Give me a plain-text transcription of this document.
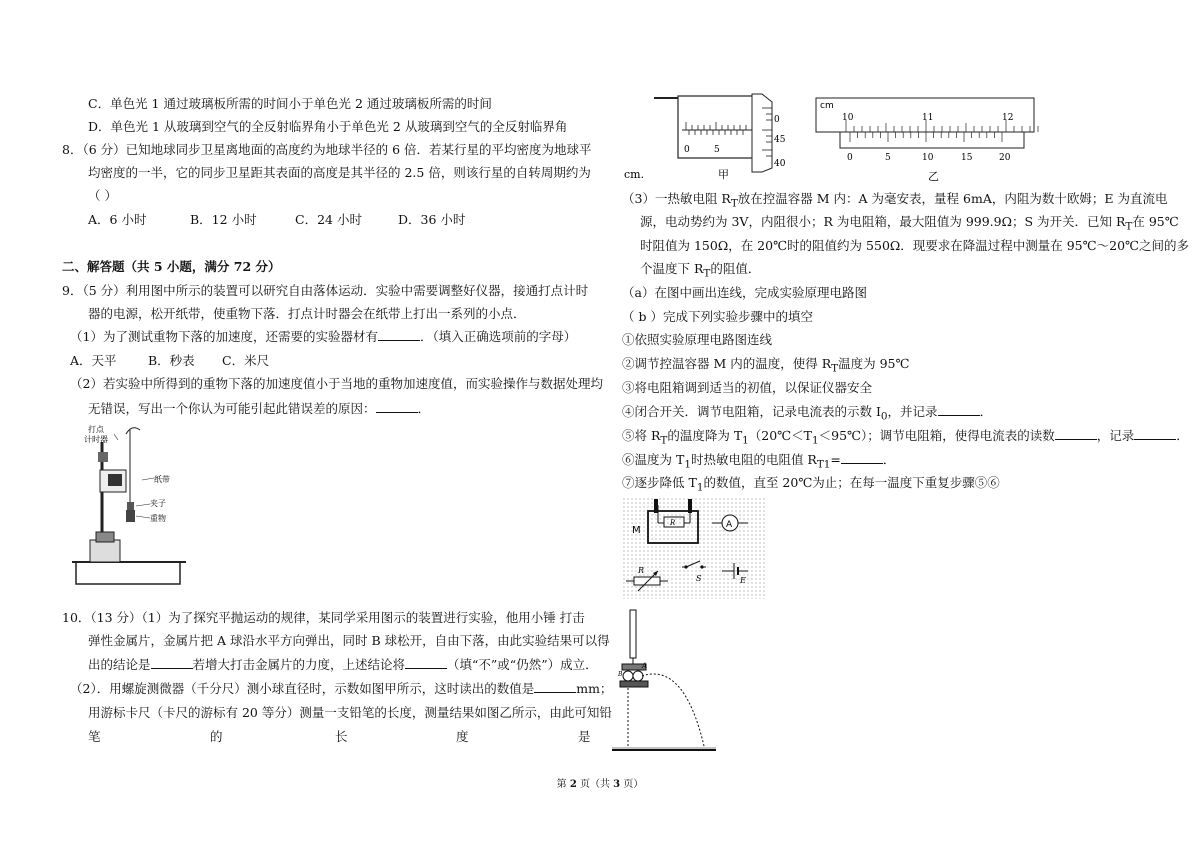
C．单色光 1 通过玻璃板所需的时间小于单色光 2 通过玻璃板所需的时间
D．单色光 1 从玻璃到空气的全反射临界角小于单色光 2 从玻璃到空气的全反射临界角
8．（6 分）已知地球同步卫星离地面的高度约为地球半径的 6 倍．若某行星的平均密度为地球平
均密度的一半，它的同步卫星距其表面的高度是其半径的 2.5 倍，则该行星的自转周期约为
（ ）
A．6 小时	B．12 小时	C．24 小时	D．36 小时
二、解答题（共 5 小题，满分 72 分）
9．（5 分）利用图中所示的装置可以研究自由落体运动．实验中需要调整好仪器，接通打点计时
器的电源，松开纸带，使重物下落．打点计时器会在纸带上打出一系列的小点．
（1）为了测试重物下落的加速度，还需要的实验器材有	．（填入正确选项前的字母）
A．天平	B．秒表 C．米尺
（2）若实验中所得到的重物下落的加速度值小于当地的重物加速度值，而实验操作与数据处理均
无错误，写出一个你认为可能引起此错误差的原因：	．
打点
计时器
纸带
夹子
重物
10．（13 分）（1）为了探究平抛运动的规律，某同学采用图示的装置进行实验，他用小锤 打击
弹性金属片，金属片把 A 球沿水平方向弹出，同时 B 球松开，自由下落，由此实验结果可以得
出的结论是	若增大打击金属片的力度，上述结论将	（填“不”或“仍然”）成立．
（2）．用螺旋测微器（千分尺）测小球直径时，示数如图甲所示，这时读出的数值是	mm；
用游标卡尺（卡尺的游标有 20 等分）测量一支铅笔的长度，测量结果如图乙所示，由此可知铅
笔	的	长	度	是
0
45
40
0	5
cm.	甲
cm
10	11	12
0	5	10	15	20
乙
（3）一热敏电阻 $R_T$放在控温容器 M 内：A 为毫安表，量程 6mA，内阻为数十欧姆；E 为直流电
源，电动势约为 3V，内阻很小；R 为电阻箱，最大阻值为 999.9Ω；S 为开关．已知 $R_T$在 95℃
时阻值为 150Ω，在 20℃时的阻值约为 550Ω．现要求在降温过程中测量在 95℃～20℃之间的多
个温度下 $R_T$的阻值．
（a）在图中画出连线，完成实验原理电路图
（ b ）完成下列实验步骤中的填空
①依照实验原理电路图连线
②调节控温容器 M 内的温度，使得 $R_T$温度为 95℃
③将电阻箱调到适当的初值，以保证仪器安全
④闭合开关．调节电阻箱，记录电流表的示数 $I_0$，并记录	．
⑤将 $R_T$的温度降为 $T_1(20℃<T_1<95℃)$；调节电阻箱，使得电流表的读数	，记录	．
⑥温度为 $T_1$时热敏电阻的电阻值 $R_{T1}=$	．
⑦逐步降低 $T_1$的数值，直至 20℃为止；在每一温度下重复步骤⑤⑥
M
R	A
R
S	E
A
B
第 2 页（共 3 页）
